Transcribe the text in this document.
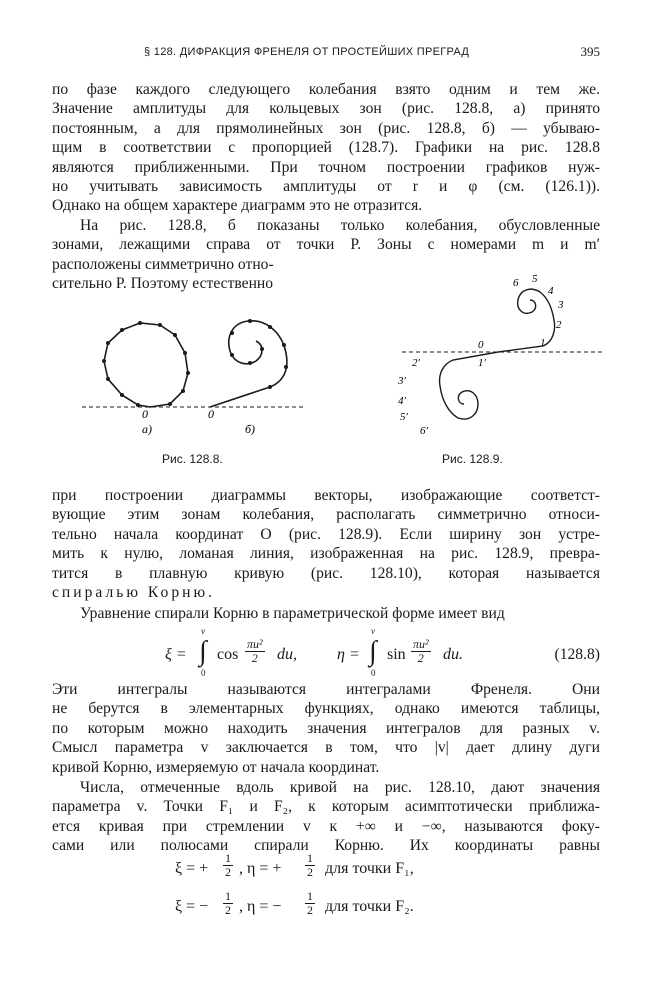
§ 128. ДИФРАКЦИЯ ФРЕНЕЛЯ ОТ ПРОСТЕЙШИХ ПРЕГРАД	395
по фазе каждого следующего колебания взято одним и тем же.
Значение амплитуды для кольцевых зон (рис. 128.8, а) принято
постоянным, а для прямолинейных зон (рис. 128.8, б) — убываю-
щим в соответствии с пропорцией (128.7). Графики на рис. 128.8
являются приближенными. При точном построении графиков нуж-
но учитывать зависимость амплитуды от r и φ (см. (126.1)).
Однако на общем характере диаграмм это не отразится.
На рис. 128.8, б показаны только колебания, обусловленные
зонами, лежащими справа от точки P. Зоны с номерами m и m′
расположены симметрично отно-
сительно P. Поэтому естественно
0	0
а)	б)
Рис. 128.8.
0	1
2
3
4
5
6
1′
2′
3′
4′
5′
6′
Рис. 128.9.
при построении диаграммы векторы, изображающие соответст-
вующие этим зонам колебания, располагать симметрично относи-
тельно начала координат O (рис. 128.9). Если ширину зон устре-
мить к нулю, ломаная линия, изображенная на рис. 128.9, превра-
тится в плавную кривую (рис. 128.10), которая называется
спиралью Корню.
Уравнение спирали Корню в параметрической форме имеет вид
ξ =
v
∫
0
$\cos \frac{\text{πu²}}{2}$ du,	η =
v
∫
0
$\sin \frac{\text{πu²}}{2}$ du.	(128.8)
Эти интегралы называются интегралами Френеля. Они
не берутся в элементарных функциях, однако имеются таблицы,
по которым можно находить значения интегралов для разных v.
Смысл параметра v заключается в том, что |v| дает длину дуги
кривой Корню, измеряемую от начала координат.
Числа, отмеченные вдоль кривой на рис. 128.10, дают значения
параметра v. Точки F₁ и F₂, к которым асимптотически приближа-
ется кривая при стремлении v к +∞ и −∞, называются фоку-
сами или полюсами спирали Корню. Их координаты равны
ξ = + $\frac{1}{2}$ , η = + $\frac{1}{2}$ для точки F₁,
ξ = − $\frac{1}{2}$ , η = − $\frac{1}{2}$ для точки F₂.
